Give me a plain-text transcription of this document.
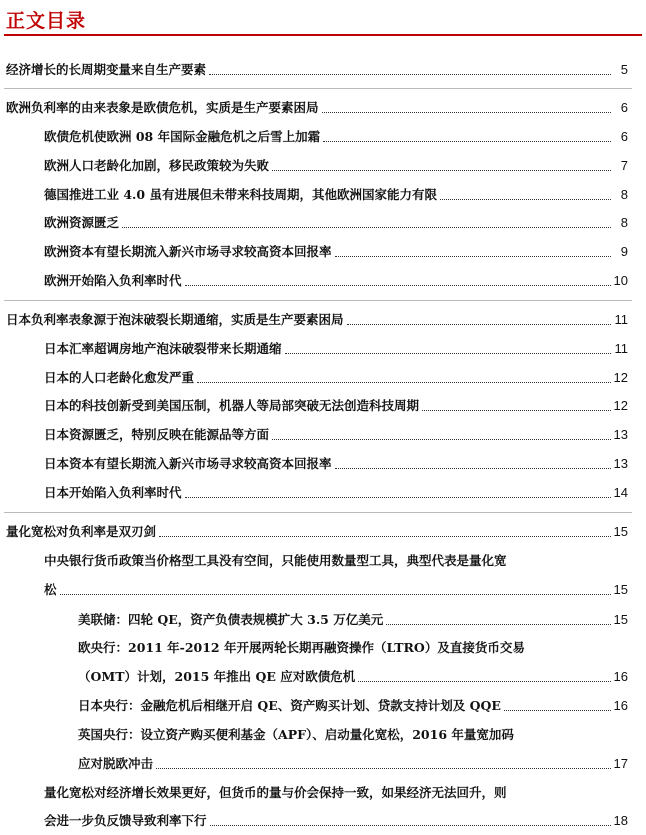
正文目录
经济增长的长周期变量来自生产要素	5
欧洲负利率的由来表象是欧债危机，实质是生产要素困局	6
欧债危机使欧洲 08 年国际金融危机之后雪上加霜	6
欧洲人口老龄化加剧，移民政策较为失败	7
德国推进工业 4.0 虽有进展但未带来科技周期，其他欧洲国家能力有限	8
欧洲资源匮乏	8
欧洲资本有望长期流入新兴市场寻求较高资本回报率	9
欧洲开始陷入负利率时代	10
日本负利率表象源于泡沫破裂长期通缩，实质是生产要素困局	11
日本汇率超调房地产泡沫破裂带来长期通缩	11
日本的人口老龄化愈发严重	12
日本的科技创新受到美国压制，机器人等局部突破无法创造科技周期	12
日本资源匮乏，特别反映在能源品等方面	13
日本资本有望长期流入新兴市场寻求较高资本回报率	13
日本开始陷入负利率时代	14
量化宽松对负利率是双刃剑	15
中央银行货币政策当价格型工具没有空间，只能使用数量型工具，典型代表是量化宽
松	15
美联储：四轮 QE，资产负债表规模扩大 3.5 万亿美元	15
欧央行：2011 年-2012 年开展两轮长期再融资操作（LTRO）及直接货币交易
（OMT）计划，2015 年推出 QE 应对欧债危机	16
日本央行：金融危机后相继开启 QE、资产购买计划、贷款支持计划及 QQE	16
英国央行：设立资产购买便利基金（APF）、启动量化宽松，2016 年量宽加码
应对脱欧冲击	17
量化宽松对经济增长效果更好，但货币的量与价会保持一致，如果经济无法回升，则
会进一步负反馈导致利率下行	18
